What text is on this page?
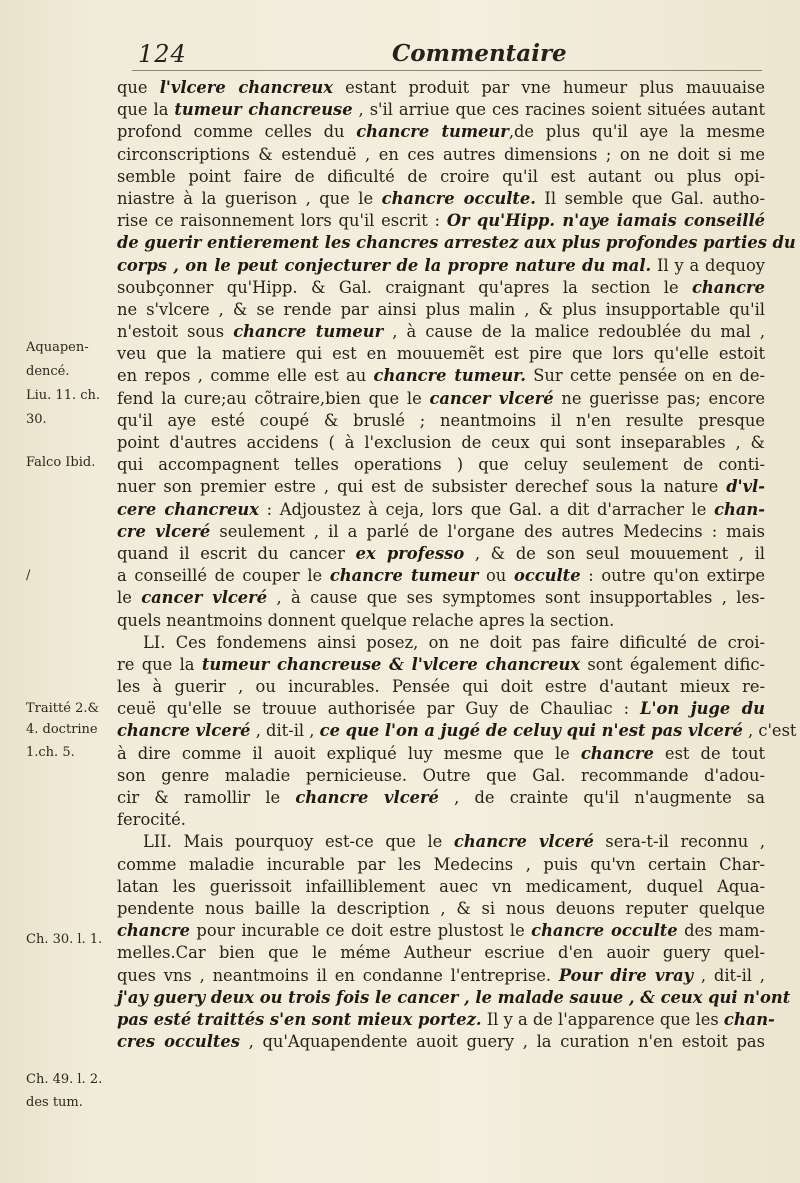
124	Commentaire
Aquapen-
dencé.
Liu. 11. ch.
30.
Falco Ibid.
/
Traitté 2.&
4. doctrine
1.ch. 5.
Ch. 30. l. 1.
Ch. 49. l. 2.
des tum.
que l'vlcere chancreux estant produit par vne humeur plus mauuaise
que la tumeur chancreuse , s'il arriue que ces racines soient situées autant
profond comme celles du chancre tumeur,de plus qu'il aye la mesme
circonscriptions & estenduë , en ces autres dimensions ; on ne doit si me
semble point faire de dificulté de croire qu'il est autant ou plus opi-
niastre à la guerison , que le chancre occulte. Il semble que Gal. autho-
rise ce raisonnement lors qu'il escrit : Or qu'Hipp. n'aye iamais conseillé
de guerir entierement les chancres arrestez aux plus profondes parties du
corps , on le peut conjecturer de la propre nature du mal. Il y a dequoy
soubçonner qu'Hipp. & Gal. craignant qu'apres la section le chancre
ne s'vlcere , & se rende par ainsi plus malin , & plus insupportable qu'il
n'estoit sous chancre tumeur , à cause de la malice redoublée du mal ,
veu que la matiere qui est en mouuemẽt est pire que lors qu'elle estoit
en repos , comme elle est au chancre tumeur. Sur cette pensée on en de-
fend la cure;au cõtraire,bien que le cancer vlceré ne guerisse pas; encore
qu'il aye esté coupé & bruslé ; neantmoins il n'en resulte presque
point d'autres accidens ( à l'exclusion de ceux qui sont inseparables , &
qui accompagnent telles operations ) que celuy seulement de conti-
nuer son premier estre , qui est de subsister derechef sous la nature d'vl-
cere chancreux : Adjoustez à ceja, lors que Gal. a dit d'arracher le chan-
cre vlceré seulement , il a parlé de l'organe des autres Medecins : mais
quand il escrit du cancer ex professo , & de son seul mouuement , il
a conseillé de couper le chancre tumeur ou occulte : outre qu'on extirpe
le cancer vlceré , à cause que ses symptomes sont insupportables , les-
quels neantmoins donnent quelque relache apres la section.
LI. Ces fondemens ainsi posez, on ne doit pas faire dificulté de croi-
re que la tumeur chancreuse & l'vlcere chancreux sont également dific-
les à guerir , ou incurables. Pensée qui doit estre d'autant mieux re-
ceuë qu'elle se trouue authorisée par Guy de Chauliac : L'on juge du
chancre vlceré , dit-il , ce que l'on a jugé de celuy qui n'est pas vlceré , c'est
à dire comme il auoit expliqué luy mesme que le chancre est de tout
son genre maladie pernicieuse. Outre que Gal. recommande d'adou-
cir & ramollir le chancre vlceré , de crainte qu'il n'augmente sa
ferocité.
LII. Mais pourquoy est-ce que le chancre vlceré sera-t-il reconnu ,
comme maladie incurable par les Medecins , puis qu'vn certain Char-
latan les guerissoit infailliblement auec vn medicament, duquel Aqua-
pendente nous baille la description , & si nous deuons reputer quelque
chancre pour incurable ce doit estre plustost le chancre occulte des mam-
melles.Car bien que le méme Autheur escriue d'en auoir guery quel-
ques vns , neantmoins il en condanne l'entreprise. Pour dire vray , dit-il ,
j'ay guery deux ou trois fois le cancer , le malade sauue , & ceux qui n'ont
pas esté traittés s'en sont mieux portez. Il y a de l'apparence que les chan-
cres occultes , qu'Aquapendente auoit guery , la curation n'en estoit pas
